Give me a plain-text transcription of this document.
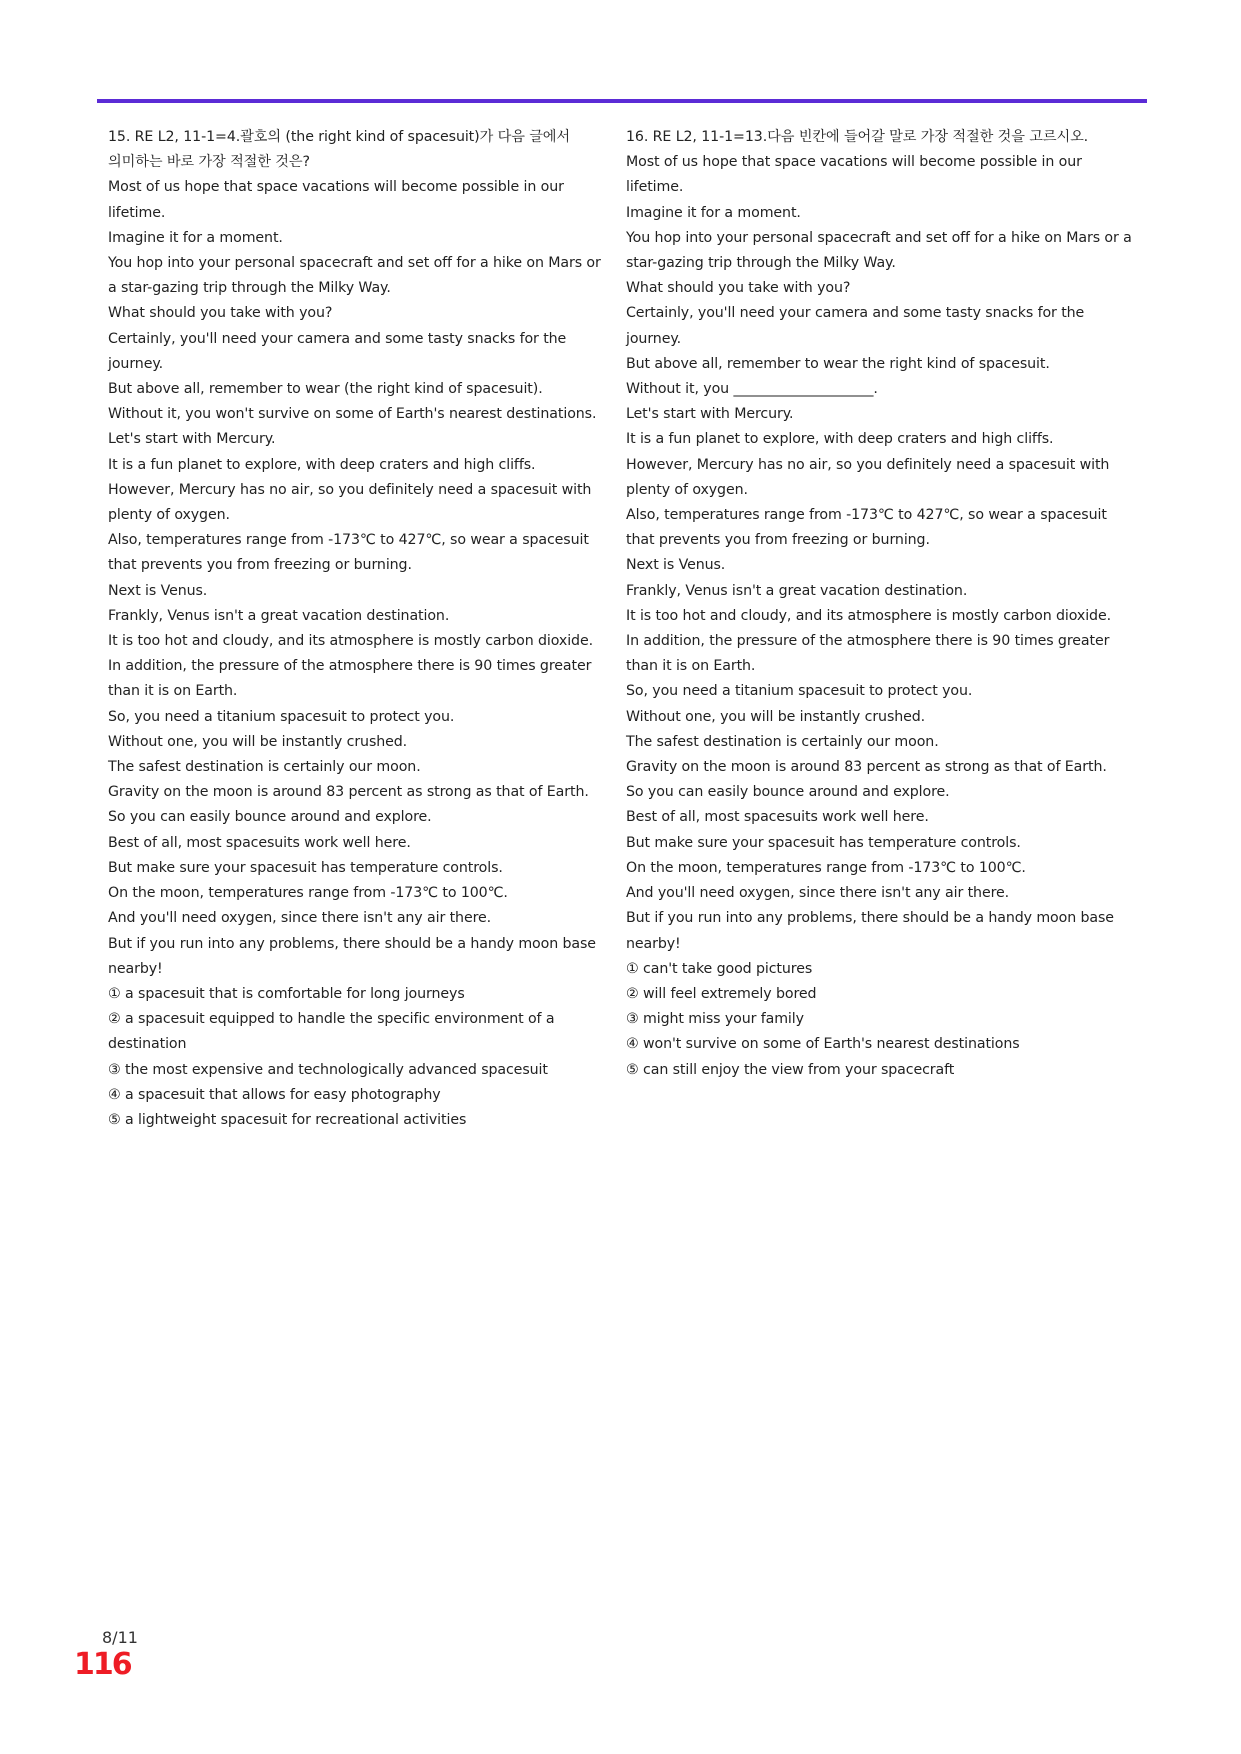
15. RE L2, 11-1=4.괄호의 (the right kind of spacesuit)가 다음 글에서

의미하는 바로 가장 적절한 것은?

Most of us hope that space vacations will become possible in our lifetime.

Imagine it for a moment.

You hop into your personal spacecraft and set off for a hike on Mars or a star-gazing trip through the Milky Way.

What should you take with you?

Certainly, you'll need your camera and some tasty snacks for the journey.

But above all, remember to wear (the right kind of spacesuit).

Without it, you won't survive on some of Earth's nearest destinations.

Let's start with Mercury.

It is a fun planet to explore, with deep craters and high cliffs.

However, Mercury has no air, so you definitely need a spacesuit with plenty of oxygen.

Also, temperatures range from -173℃ to 427℃, so wear a spacesuit that prevents you from freezing or burning.

Next is Venus.

Frankly, Venus isn't a great vacation destination.

It is too hot and cloudy, and its atmosphere is mostly carbon dioxide.

In addition, the pressure of the atmosphere there is 90 times greater than it is on Earth.

So, you need a titanium spacesuit to protect you.

Without one, you will be instantly crushed.

The safest destination is certainly our moon.

Gravity on the moon is around 83 percent as strong as that of Earth.

So you can easily bounce around and explore.

Best of all, most spacesuits work well here.

But make sure your spacesuit has temperature controls.

On the moon, temperatures range from -173℃ to 100℃.

And you'll need oxygen, since there isn't any air there.

But if you run into any problems, there should be a handy moon base nearby!

① a spacesuit that is comfortable for long journeys

② a spacesuit equipped to handle the specific environment of a destination

③ the most expensive and technologically advanced spacesuit

④ a spacesuit that allows for easy photography

⑤ a lightweight spacesuit for recreational activities

16. RE L2, 11-1=13.다음 빈칸에 들어갈 말로 가장 적절한 것을 고르시오.

Most of us hope that space vacations will become possible in our lifetime.

Imagine it for a moment.

You hop into your personal spacecraft and set off for a hike on Mars or a star-gazing trip through the Milky Way.

What should you take with you?

Certainly, you'll need your camera and some tasty snacks for the journey.

But above all, remember to wear the right kind of spacesuit.

Without it, you ____________________.

Let's start with Mercury.

It is a fun planet to explore, with deep craters and high cliffs.

However, Mercury has no air, so you definitely need a spacesuit with plenty of oxygen.

Also, temperatures range from -173℃ to 427℃, so wear a spacesuit that prevents you from freezing or burning.

Next is Venus.

Frankly, Venus isn't a great vacation destination.

It is too hot and cloudy, and its atmosphere is mostly carbon dioxide.

In addition, the pressure of the atmosphere there is 90 times greater than it is on Earth.

So, you need a titanium spacesuit to protect you.

Without one, you will be instantly crushed.

The safest destination is certainly our moon.

Gravity on the moon is around 83 percent as strong as that of Earth.

So you can easily bounce around and explore.

Best of all, most spacesuits work well here.

But make sure your spacesuit has temperature controls.

On the moon, temperatures range from -173℃ to 100℃.

And you'll need oxygen, since there isn't any air there.

But if you run into any problems, there should be a handy moon base nearby!

① can't take good pictures

② will feel extremely bored

③ might miss your family

④ won't survive on some of Earth's nearest destinations

⑤ can still enjoy the view from your spacecraft

8/11
116
